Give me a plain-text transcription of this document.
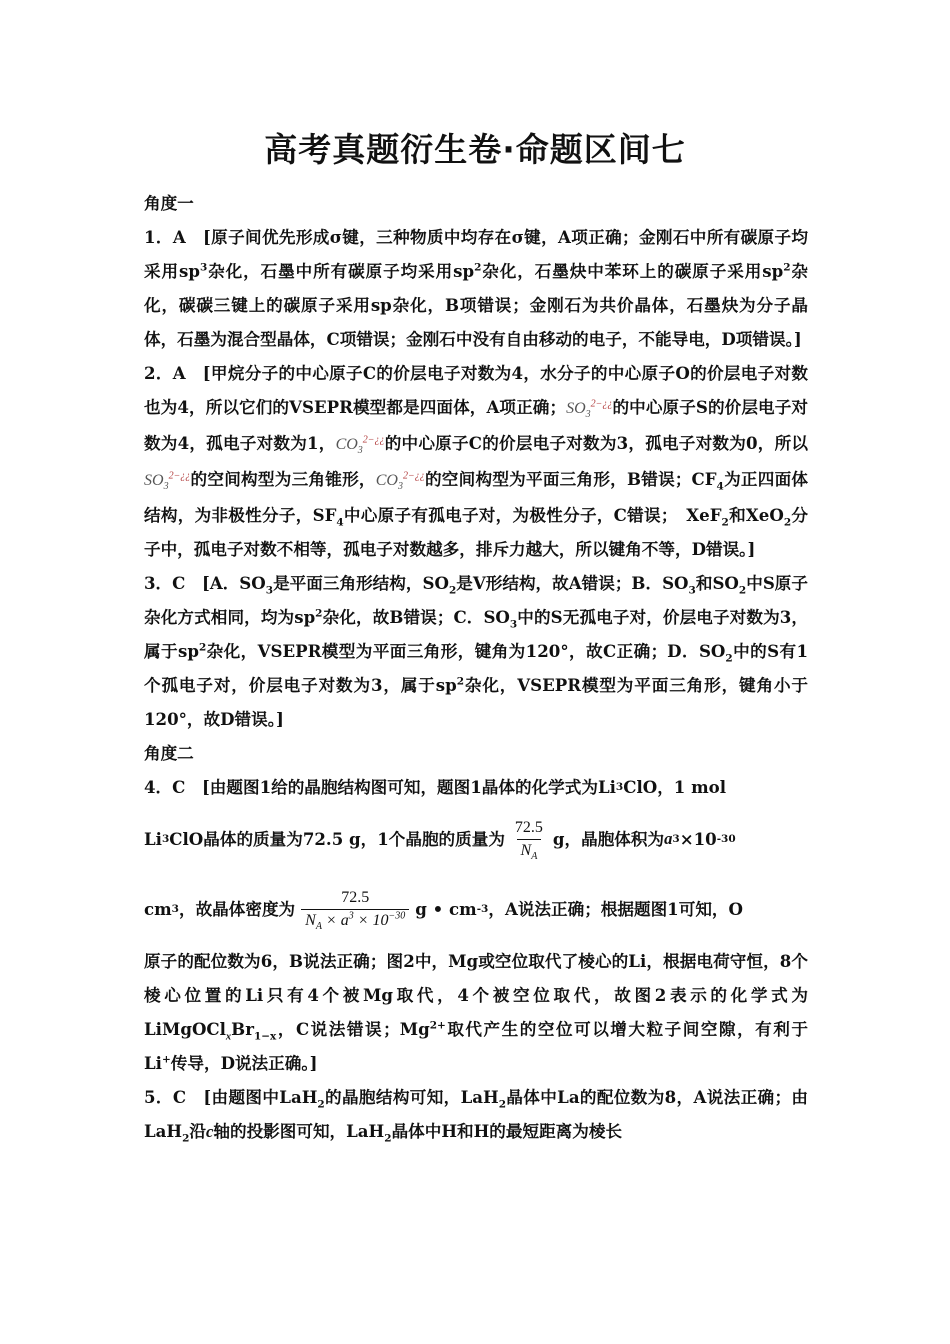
高考真题衍生卷·命题区间七

角度一

1．A　[原子间优先形成σ键，三种物质中均存在σ键，A项正确；金刚石中所有碳原子均采用$sp^3$杂化，石墨中所有碳原子均采用$sp^2$杂化，石墨炔中苯环上的碳原子采用$sp^2$杂化，碳碳三键上的碳原子采用sp杂化，B项错误；金刚石为共价晶体，石墨炔为分子晶体，石墨为混合型晶体，C项错误；金刚石中没有自由移动的电子，不能导电，D项错误。]

2．A　[甲烷分子的中心原子C的价层电子对数为4，水分子的中心原子O的价层电子对数也为4，所以它们的VSEPR模型都是四面体，A项正确；$SO_3^{2-¿¿}$的中心原子S的价层电子对数为4，孤电子对数为1，$CO_3^{2-¿¿}$的中心原子C的价层电子对数为3，孤电子对数为0，所以$SO_3^{2-¿¿}$的空间构型为三角锥形，$CO_3^{2-¿¿}$的空间构型为平面三角形，B错误；$CF_4$为正四面体结构，为非极性分子，$SF_4$中心原子有孤电子对，为极性分子，C错误；　XeF$_2$和XeO$_2$分子中，孤电子对数不相等，孤电子对数越多，排斥力越大，所以键角不等，D错误。]

3．C　[A．$SO_3$是平面三角形结构，$SO_2$是V形结构，故A错误；B．$SO_3$和$SO_2$中S原子杂化方式相同，均为$sp^2$杂化，故B错误；C．$SO_3$中的S无孤电子对，价层电子对数为3，属于$sp^2$杂化，VSEPR模型为平面三角形，键角为120°，故C正确；D．$SO_2$中的S有1个孤电子对，价层电子对数为3，属于$sp^2$杂化，VSEPR模型为平面三角形，键角小于120°，故D错误。]

角度二

4．C　[由题图1给的晶胞结构图可知，题图1晶体的化学式为Li 3 ClO，1 mol
Li 3 ClO晶体的质量为72.5 g，1个晶胞的质量为 $\frac{72.5}{N_A}$ g，晶胞体积为 a 3 ×10 -30
cm 3 ，故晶体密度为 $\frac{72.5}{N_A \times a^3 \times 10^{-30}}$ g • cm -3 ，A说法正确；根据题图1可知，O

原子的配位数为6，B说法正确；图2中，Mg或空位取代了棱心的Li，根据电荷守恒，8个棱心位置的Li只有4个被Mg取代，4个被空位取代，故图2表示的化学式为$LiMgOCl_xBr_{1-x}$，C说法错误；$Mg^{2+}$取代产生的空位可以增大粒子间空隙，有利于Li+传导，D说法正确。]

5．C　[由题图中LaH$_2$的晶胞结构可知，LaH$_2$晶体中La的配位数为8，A说法正确；由LaH$_2$沿c轴的投影图可知，LaH$_2$晶体中H和H的最短距离为棱长
